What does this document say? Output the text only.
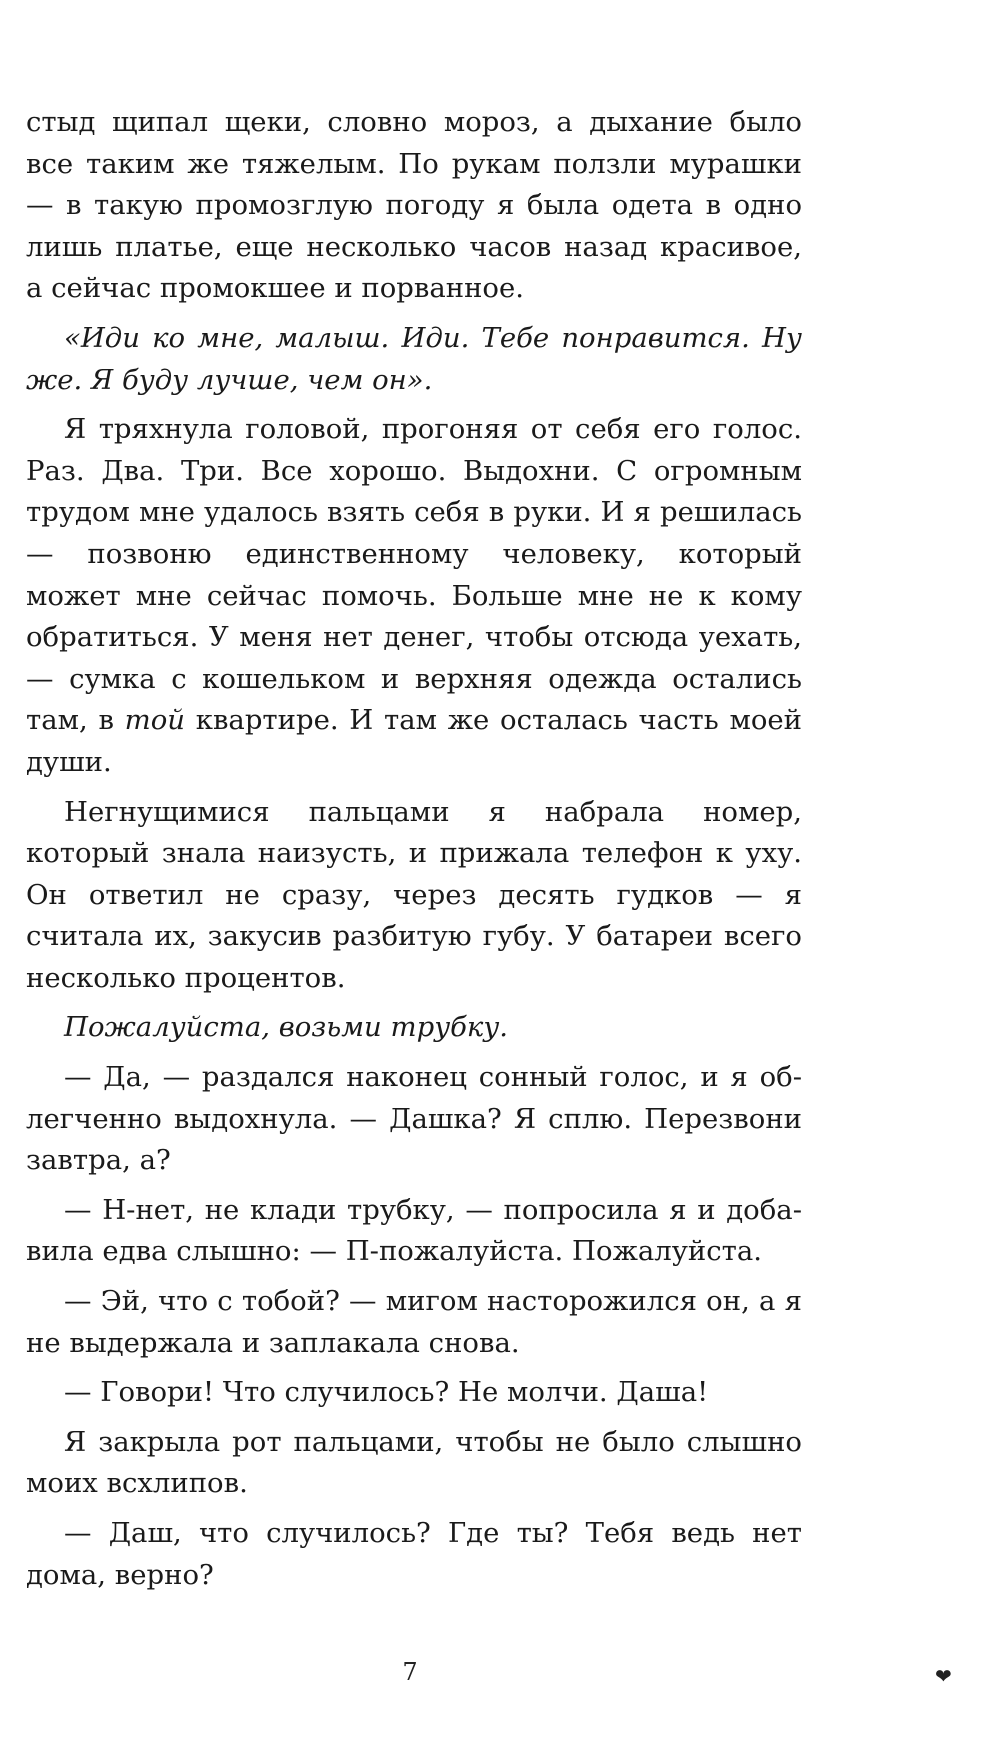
стыд щипал щеки, словно мороз, а дыхание было все таким же тяжелым. По рукам ползли мурашки — в такую промозглую погоду я была одета в одно лишь платье, еще несколько часов назад красивое, а сейчас промокшее и порванное.

«Иди ко мне, малыш. Иди. Тебе понравится. Ну же. Я буду лучше, чем он».

Я тряхнула головой, прогоняя от себя его голос. Раз. Два. Три. Все хорошо. Выдохни. С огромным трудом мне удалось взять себя в руки. И я решилась — позвоню единственному человеку, который может мне сейчас помочь. Больше мне не к кому обратиться. У меня нет денег, чтобы отсюда уехать, — сумка с кошельком и верхняя одежда остались там, в той квартире. И там же осталась часть моей души.

Негнущимися пальцами я набрала номер, который знала наизусть, и прижала телефон к уху. Он ответил не сразу, через десять гудков — я считала их, закусив разбитую губу. У батареи всего несколько процентов.

Пожалуйста, возьми трубку.

— Да, — раздался наконец сонный голос, и я облегченно выдохнула. — Дашка? Я сплю. Перезвони завтра, а?

— Н-нет, не клади трубку, — попросила я и добавила едва слышно: — П-пожалуйста. Пожалуйста.

— Эй, что с тобой? — мигом насторожился он, а я не выдержала и заплакала снова.

— Говори! Что случилось? Не молчи. Даша!

Я закрыла рот пальцами, чтобы не было слышно моих всхлипов.

— Даш, что случилось? Где ты? Тебя ведь нет дома, верно?

7	❤
